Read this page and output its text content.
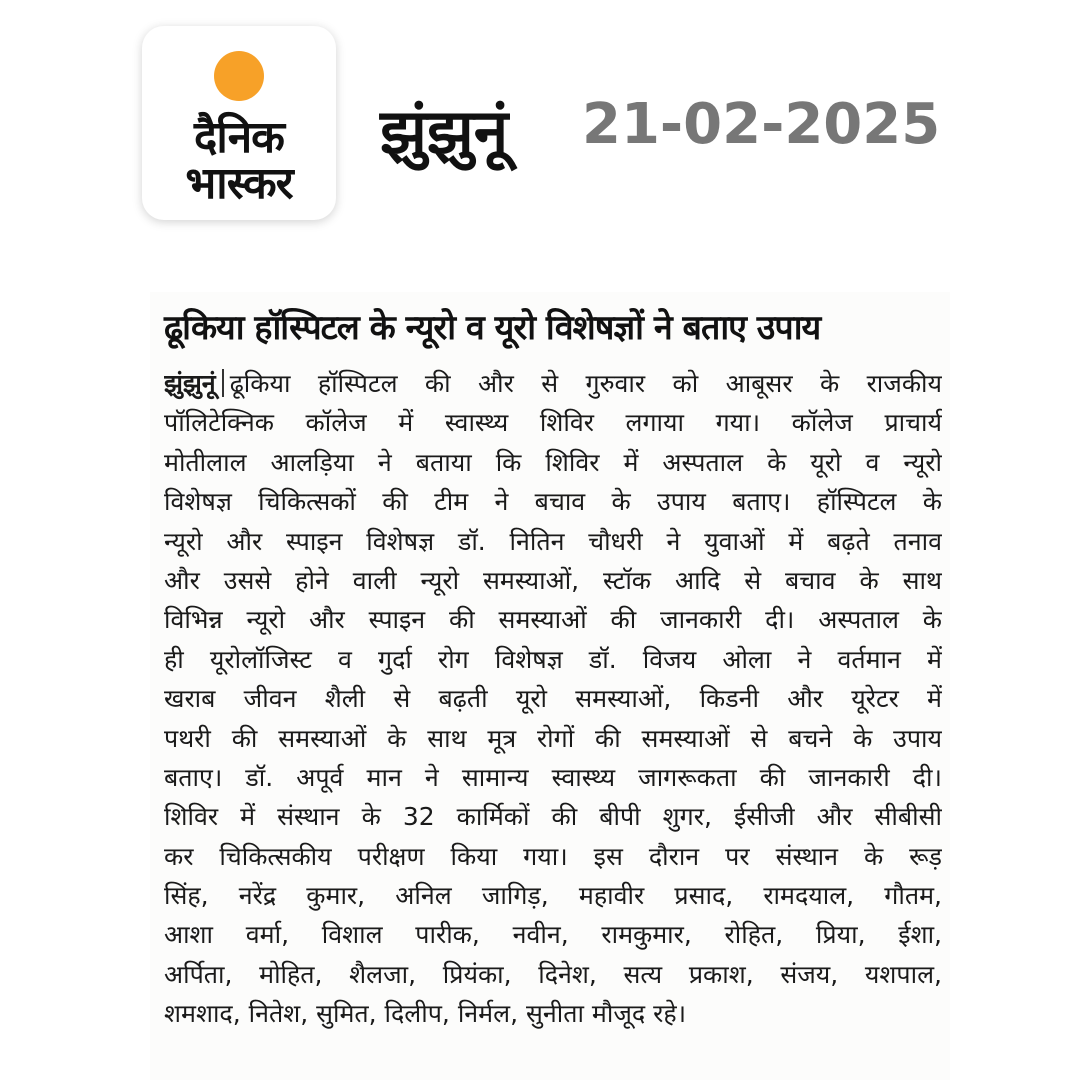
दैनिक
भास्कर
झुंझुनूं 21-02-2025
ढूकिया हॉस्पिटल के न्यूरो व यूरो विशेषज्ञों ने बताए उपाय
झुंझुनूं ढूकिया हॉस्पिटल की और से गुरुवार को आबूसर के राजकीय
पॉलिटेक्निक कॉलेज में स्वास्थ्य शिविर लगाया गया। कॉलेज प्राचार्य
मोतीलाल आलड़िया ने बताया कि शिविर में अस्पताल के यूरो व न्यूरो
विशेषज्ञ चिकित्सकों की टीम ने बचाव के उपाय बताए। हॉस्पिटल के
न्यूरो और स्पाइन विशेषज्ञ डॉ. नितिन चौधरी ने युवाओं में बढ़ते तनाव
और उससे होने वाली न्यूरो समस्याओं, स्टॉक आदि से बचाव के साथ
विभिन्न न्यूरो और स्पाइन की समस्याओं की जानकारी दी। अस्पताल के
ही यूरोलॉजिस्ट व गुर्दा रोग विशेषज्ञ डॉ. विजय ओला ने वर्तमान में
खराब जीवन शैली से बढ़ती यूरो समस्याओं, किडनी और यूरेटर में
पथरी की समस्याओं के साथ मूत्र रोगों की समस्याओं से बचने के उपाय
बताए। डॉ. अपूर्व मान ने सामान्य स्वास्थ्य जागरूकता की जानकारी दी।
शिविर में संस्थान के 32 कार्मिकों की बीपी शुगर, ईसीजी और सीबीसी
कर चिकित्सकीय परीक्षण किया गया। इस दौरान पर संस्थान के रूड़
सिंह, नरेंद्र कुमार, अनिल जागिड़, महावीर प्रसाद, रामदयाल, गौतम,
आशा वर्मा, विशाल पारीक, नवीन, रामकुमार, रोहित, प्रिया, ईशा,
अर्पिता, मोहित, शैलजा, प्रियंका, दिनेश, सत्य प्रकाश, संजय, यशपाल,
शमशाद, नितेश, सुमित, दिलीप, निर्मल, सुनीता मौजूद रहे।
